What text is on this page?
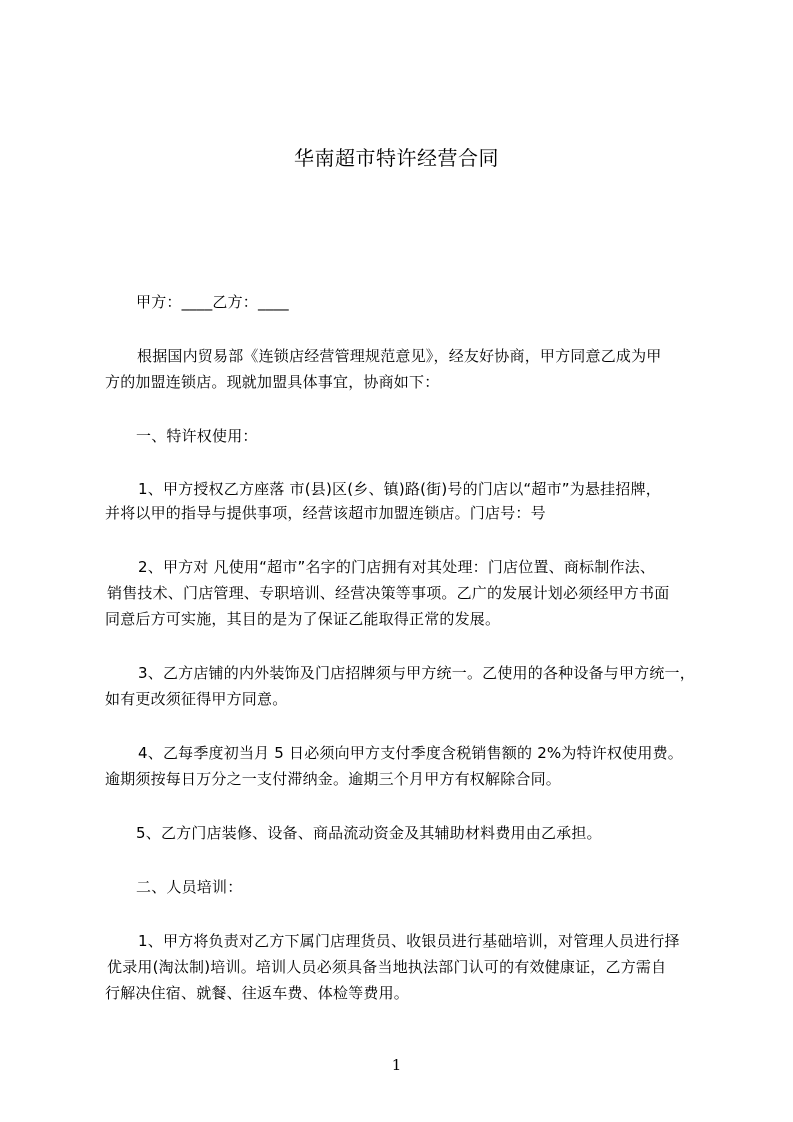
华南超市特许经营合同
甲方：____乙方：____
根据国内贸易部《连锁店经营管理规范意见》，经友好协商，甲方同意乙成为甲
方的加盟连锁店。现就加盟具体事宜，协商如下：
一、特许权使用：
1、甲方授权乙方座落 市(县)区(乡、镇)路(街)号的门店以“超市”为悬挂招牌，
并将以甲的指导与提供事项，经营该超市加盟连锁店。门店号：号
2、甲方对 凡使用“超市”名字的门店拥有对其处理：门店位置、商标制作法、
销售技术、门店管理、专职培训、经营决策等事项。乙广的发展计划必须经甲方书面
同意后方可实施，其目的是为了保证乙能取得正常的发展。
3、乙方店铺的内外装饰及门店招牌须与甲方统一。乙使用的各种设备与甲方统一，
如有更改须征得甲方同意。
4、乙每季度初当月 5 日必须向甲方支付季度含税销售额的 2%为特许权使用费。
逾期须按每日万分之一支付滞纳金。逾期三个月甲方有权解除合同。
5、乙方门店装修、设备、商品流动资金及其辅助材料费用由乙承担。
二、人员培训：
1、甲方将负责对乙方下属门店理货员、收银员进行基础培训，对管理人员进行择
优录用(淘汰制)培训。培训人员必须具备当地执法部门认可的有效健康证，乙方需自
行解决住宿、就餐、往返车费、体检等费用。
1
